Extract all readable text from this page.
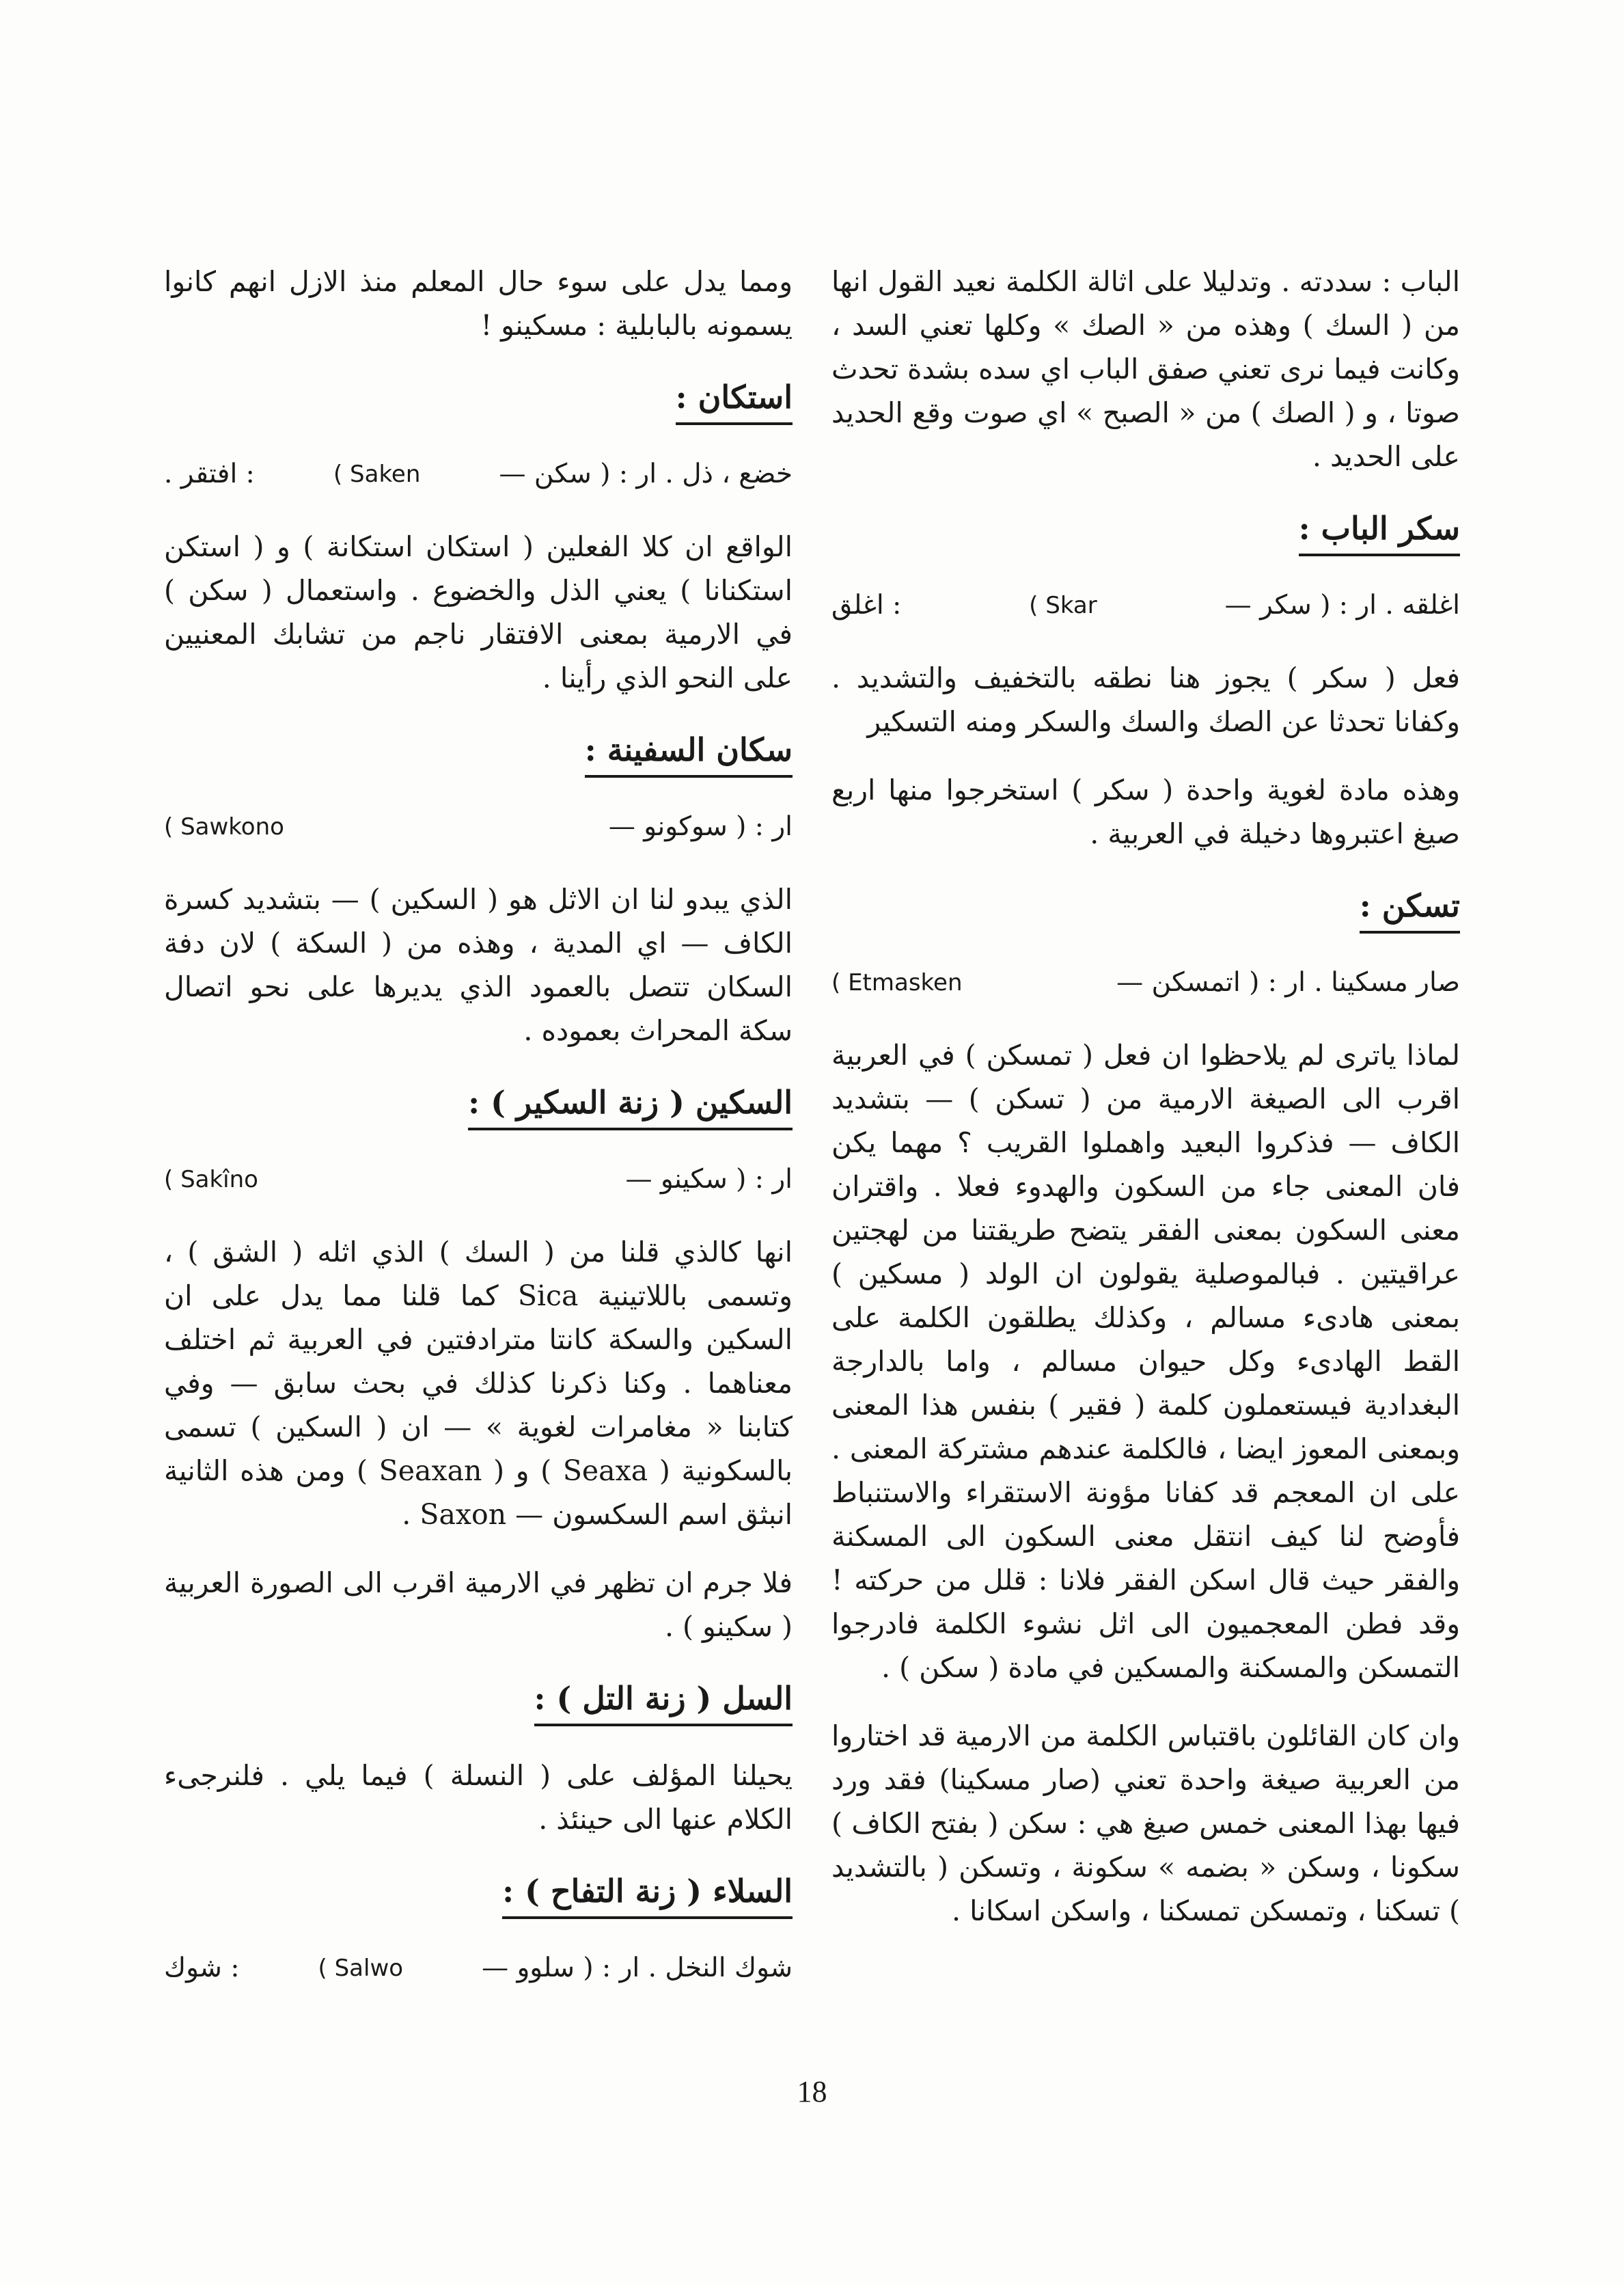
الباب : سددته . وتدليلا على اثالة الكلمة نعيد القول انها من ( السك ) وهذه من « الصك » وكلها تعني السد ، وكانت فيما نرى تعني صفق الباب اي سده بشدة تحدث صوتا ، و ( الصك ) من « الصبح » اي صوت وقع الحديد على الحديد .

سكر الباب :
اغلقه . ار : ( سكر —
( Skar
: اغلق

فعل ( سكر ) يجوز هنا نطقه بالتخفيف والتشديد . وكفانا تحدثا عن الصك والسك والسكر ومنه التسكير

وهذه مادة لغوية واحدة ( سكر ) استخرجوا منها اربع صيغ اعتبروها دخيلة في العربية .

تسكن :
صار مسكينا . ار : ( اتمسكن —
( Etmasken

لماذا ياترى لم يلاحظوا ان فعل ( تمسكن ) في العربية اقرب الى الصيغة الارمية من ( تسكن ) — بتشديد الكاف — فذكروا البعيد واهملوا القريب ؟ مهما يكن فان المعنى جاء من السكون والهدوء فعلا . واقتران معنى السكون بمعنى الفقر يتضح طريقتنا من لهجتين عراقيتين . فبالموصلية يقولون ان الولد ( مسكين ) بمعنى هادىء مسالم ، وكذلك يطلقون الكلمة على القط الهادىء وكل حيوان مسالم ، واما بالدارجة البغدادية فيستعملون كلمة ( فقير ) بنفس هذا المعنى وبمعنى المعوز ايضا ، فالكلمة عندهم مشتركة المعنى . على ان المعجم قد كفانا مؤونة الاستقراء والاستنباط فأوضح لنا كيف انتقل معنى السكون الى المسكنة والفقر حيث قال اسكن الفقر فلانا : قلل من حركته ! وقد فطن المعجميون الى اثل نشوء الكلمة فادرجوا التمسكن والمسكنة والمسكين في مادة ( سكن ) .

وان كان القائلون باقتباس الكلمة من الارمية قد اختاروا من العربية صيغة واحدة تعني (صار مسكينا) فقد ورد فيها بهذا المعنى خمس صيغ هي : سكن ( بفتح الكاف ) سكونا ، وسكن « بضمه » سكونة ، وتسكن ( بالتشديد ) تسكنا ، وتمسكن تمسكنا ، واسكن اسكانا .

ومما يدل على سوء حال المعلم منذ الازل انهم كانوا يسمونه بالبابلية : مسكينو !

استكان :
خضع ، ذل . ار : ( سكن —
( Saken
: افتقر .

الواقع ان كلا الفعلين ( استكان استكانة ) و ( استكن استكنانا ) يعني الذل والخضوع . واستعمال ( سكن ) في الارمية بمعنى الافتقار ناجم من تشابك المعنيين على النحو الذي رأينا .

سكان السفينة :
ار : ( سوكونو —
( Sawkono

الذي يبدو لنا ان الاثل هو ( السكين ) — بتشديد كسرة الكاف — اي المدية ، وهذه من ( السكة ) لان دفة السكان تتصل بالعمود الذي يديرها على نحو اتصال سكة المحراث بعموده .

السكين ( زنة السكير ) :
ار : ( سكينو —
( Sakîno

انها كالذي قلنا من ( السك ) الذي اثله ( الشق ) ، وتسمى باللاتينية Sica كما قلنا مما يدل على ان السكين والسكة كانتا مترادفتين في العربية ثم اختلف معناهما . وكنا ذكرنا كذلك في بحث سابق — وفي كتابنا « مغامرات لغوية » — ان ( السكين ) تسمى بالسكونية ( Seaxa ) و ( Seaxan ) ومن هذه الثانية انبثق اسم السكسون — Saxon .

فلا جرم ان تظهر في الارمية اقرب الى الصورة العربية ( سكينو ) .

السل ( زنة التل ) :

يحيلنا المؤلف على ( النسلة ) فيما يلي . فلنرجىء الكلام عنها الى حينئذ .

السلاء ( زنة التفاح ) :
شوك النخل . ار : ( سلوو —
( Salwo
: شوك
18
